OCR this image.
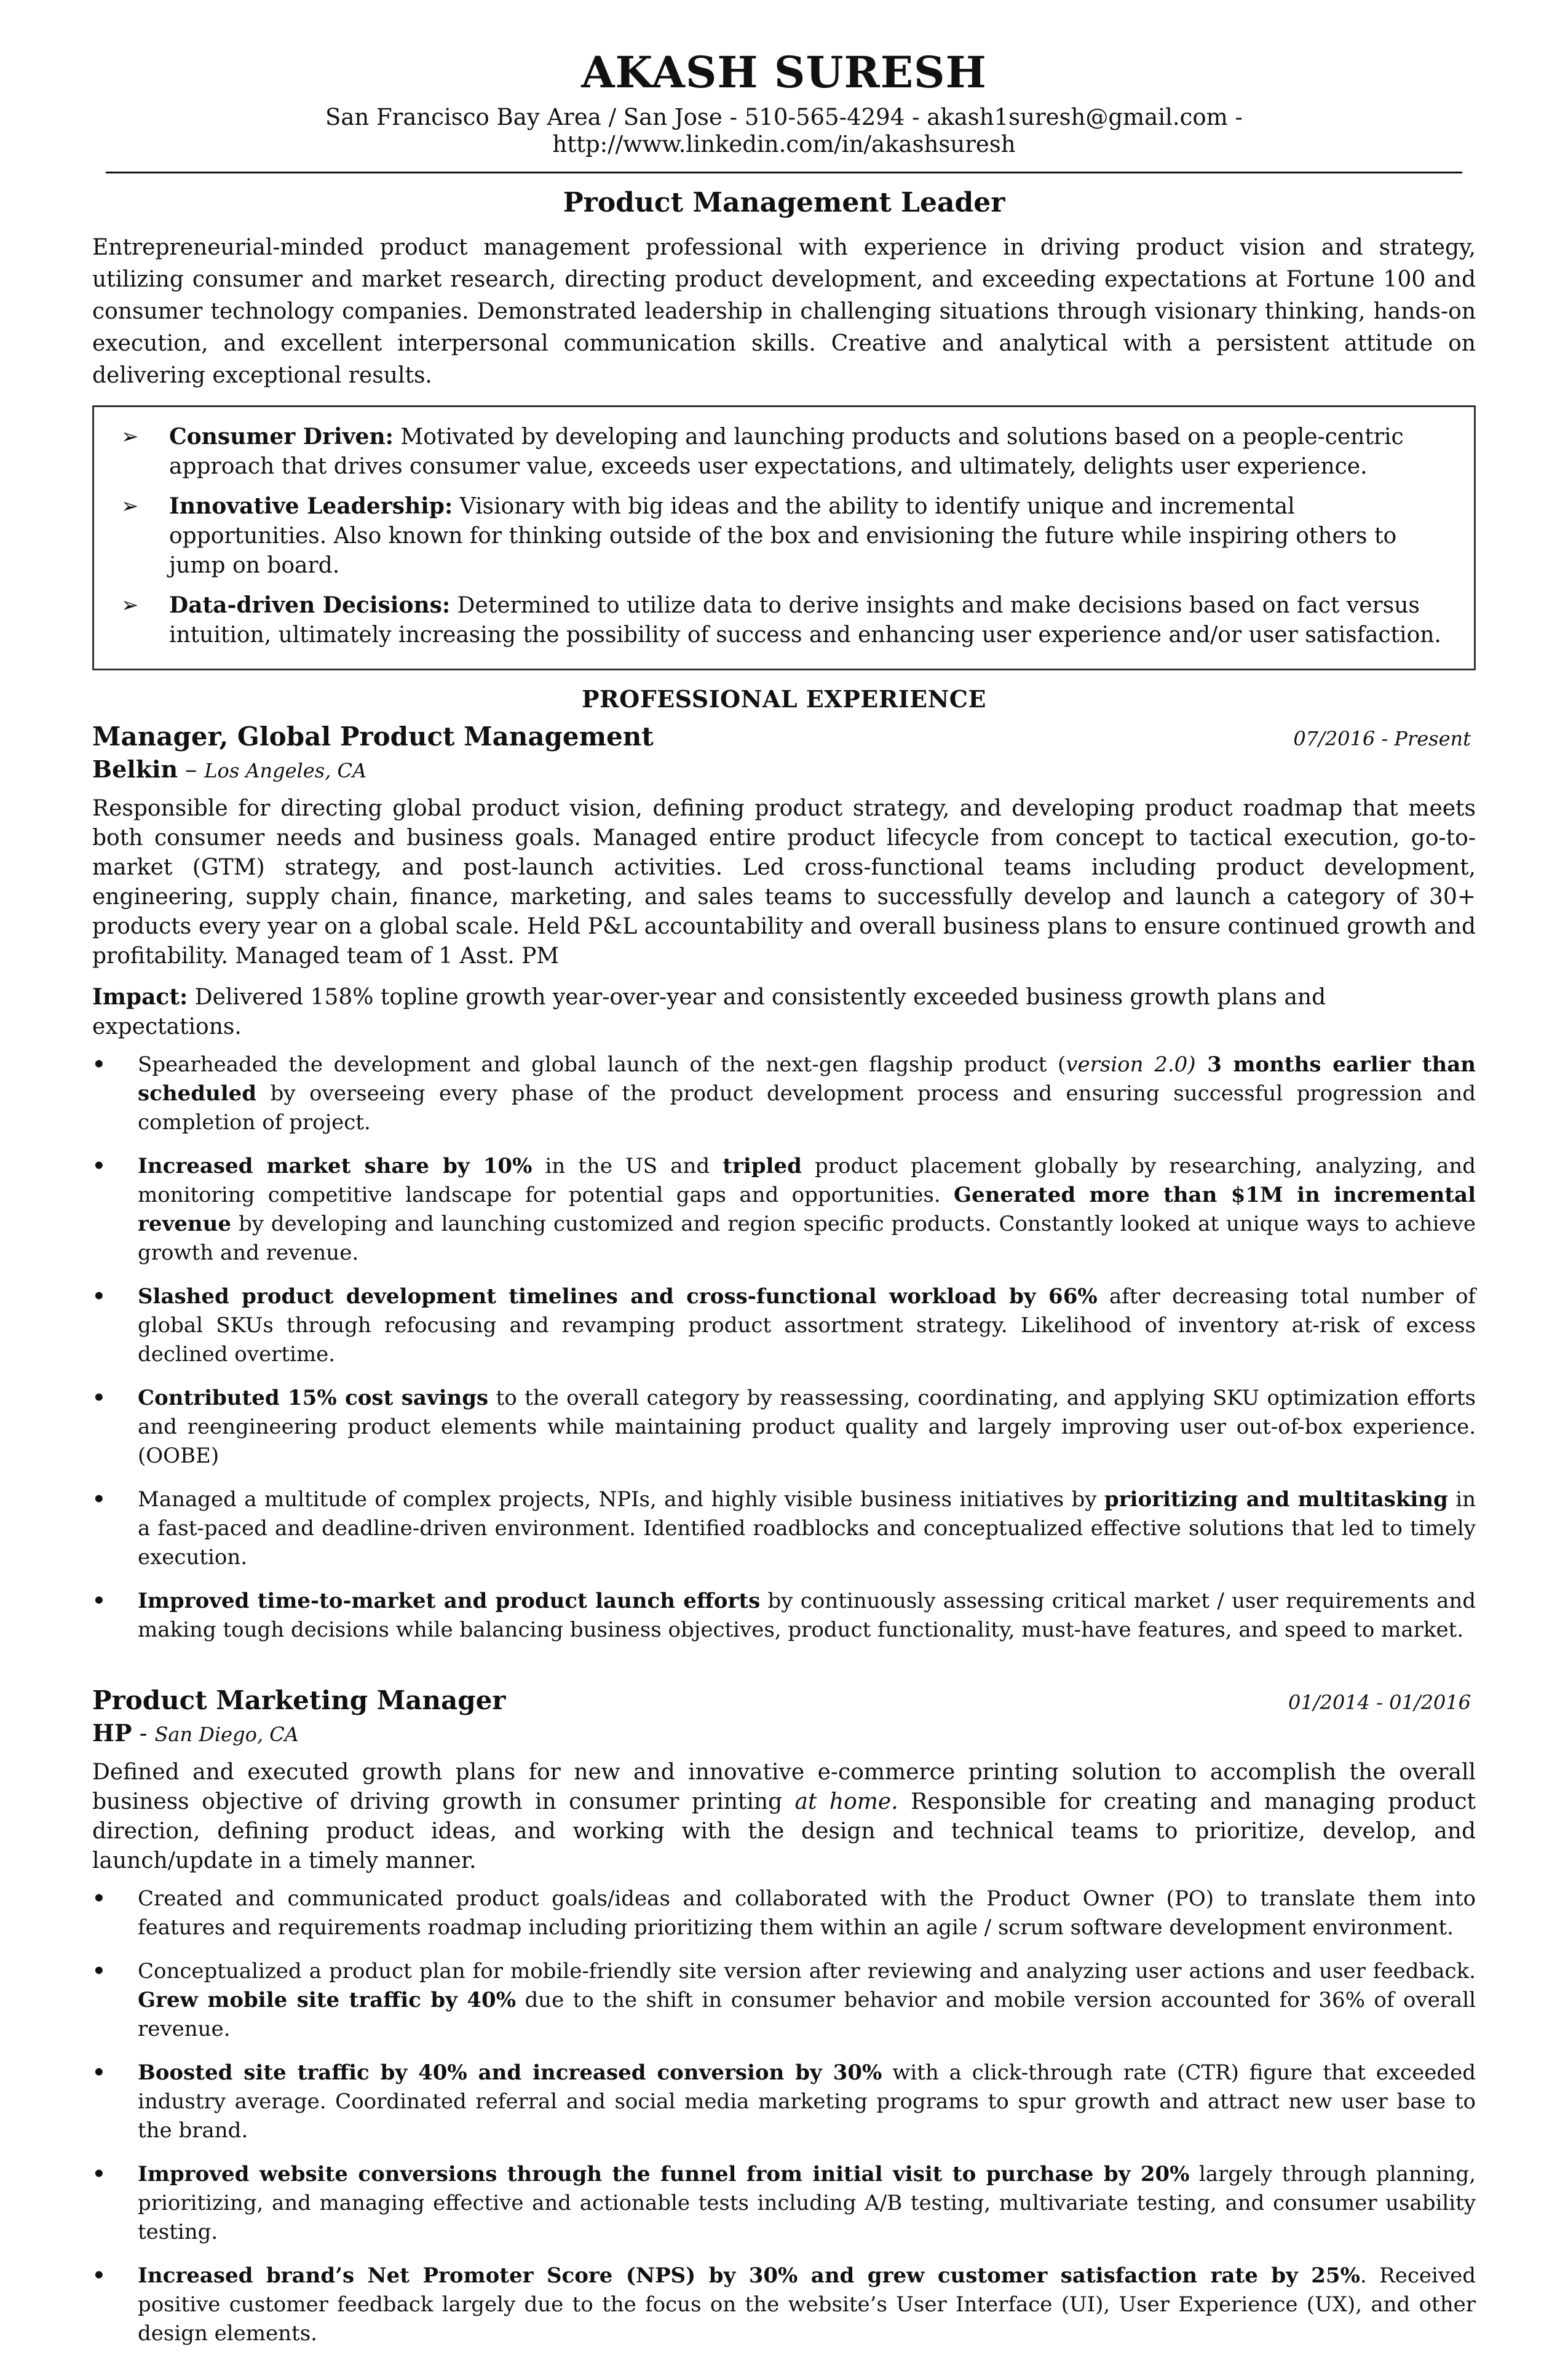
AKASH SURESH
San Francisco Bay Area / San Jose - 510-565-4294 - akash1suresh@gmail.com - http://www.linkedin.com/in/akashsuresh
Product Management Leader
Entrepreneurial-minded product management professional with experience in driving product vision and strategy, utilizing consumer and market research, directing product development, and exceeding expectations at Fortune 100 and consumer technology companies. Demonstrated leadership in challenging situations through visionary thinking, hands-on execution, and excellent interpersonal communication skills. Creative and analytical with a persistent attitude on delivering exceptional results.
➢	Consumer Driven: Motivated by developing and launching products and solutions based on a people-centric approach that drives consumer value, exceeds user expectations, and ultimately, delights user experience.
➢	Innovative Leadership: Visionary with big ideas and the ability to identify unique and incremental opportunities. Also known for thinking outside of the box and envisioning the future while inspiring others to jump on board.
➢	Data-driven Decisions: Determined to utilize data to derive insights and make decisions based on fact versus intuition, ultimately increasing the possibility of success and enhancing user experience and/or user satisfaction.
PROFESSIONAL EXPERIENCE
Manager, Global Product Management	07/2016 - Present
Belkin – Los Angeles, CA
Responsible for directing global product vision, defining product strategy, and developing product roadmap that meets both consumer needs and business goals. Managed entire product lifecycle from concept to tactical execution, go-to-market (GTM) strategy, and post-launch activities. Led cross-functional teams including product development, engineering, supply chain, finance, marketing, and sales teams to successfully develop and launch a category of 30+ products every year on a global scale. Held P&L accountability and overall business plans to ensure continued growth and profitability. Managed team of 1 Asst. PM
Impact: Delivered 158% topline growth year-over-year and consistently exceeded business growth plans and expectations.
• Spearheaded the development and global launch of the next-gen flagship product (version 2.0) 3 months earlier than scheduled by overseeing every phase of the product development process and ensuring successful progression and completion of project.
• Increased market share by 10% in the US and tripled product placement globally by researching, analyzing, and monitoring competitive landscape for potential gaps and opportunities. Generated more than $1M in incremental revenue by developing and launching customized and region specific products. Constantly looked at unique ways to achieve growth and revenue.
• Slashed product development timelines and cross-functional workload by 66% after decreasing total number of global SKUs through refocusing and revamping product assortment strategy. Likelihood of inventory at-risk of excess declined overtime.
• Contributed 15% cost savings to the overall category by reassessing, coordinating, and applying SKU optimization efforts and reengineering product elements while maintaining product quality and largely improving user out-of-box experience. (OOBE)
• Managed a multitude of complex projects, NPIs, and highly visible business initiatives by prioritizing and multitasking in a fast-paced and deadline-driven environment. Identified roadblocks and conceptualized effective solutions that led to timely execution.
• Improved time-to-market and product launch efforts by continuously assessing critical market / user requirements and making tough decisions while balancing business objectives, product functionality, must-have features, and speed to market.
Product Marketing Manager	01/2014 - 01/2016
HP - San Diego, CA
Defined and executed growth plans for new and innovative e-commerce printing solution to accomplish the overall business objective of driving growth in consumer printing at home. Responsible for creating and managing product direction, defining product ideas, and working with the design and technical teams to prioritize, develop, and launch/update in a timely manner.
• Created and communicated product goals/ideas and collaborated with the Product Owner (PO) to translate them into features and requirements roadmap including prioritizing them within an agile / scrum software development environment.
• Conceptualized a product plan for mobile-friendly site version after reviewing and analyzing user actions and user feedback. Grew mobile site traffic by 40% due to the shift in consumer behavior and mobile version accounted for 36% of overall revenue.
• Boosted site traffic by 40% and increased conversion by 30% with a click-through rate (CTR) figure that exceeded industry average. Coordinated referral and social media marketing programs to spur growth and attract new user base to the brand.
• Improved website conversions through the funnel from initial visit to purchase by 20% largely through planning, prioritizing, and managing effective and actionable tests including A/B testing, multivariate testing, and consumer usability testing.
• Increased brand’s Net Promoter Score (NPS) by 30% and grew customer satisfaction rate by 25%. Received positive customer feedback largely due to the focus on the website’s User Interface (UI), User Experience (UX), and other design elements.
